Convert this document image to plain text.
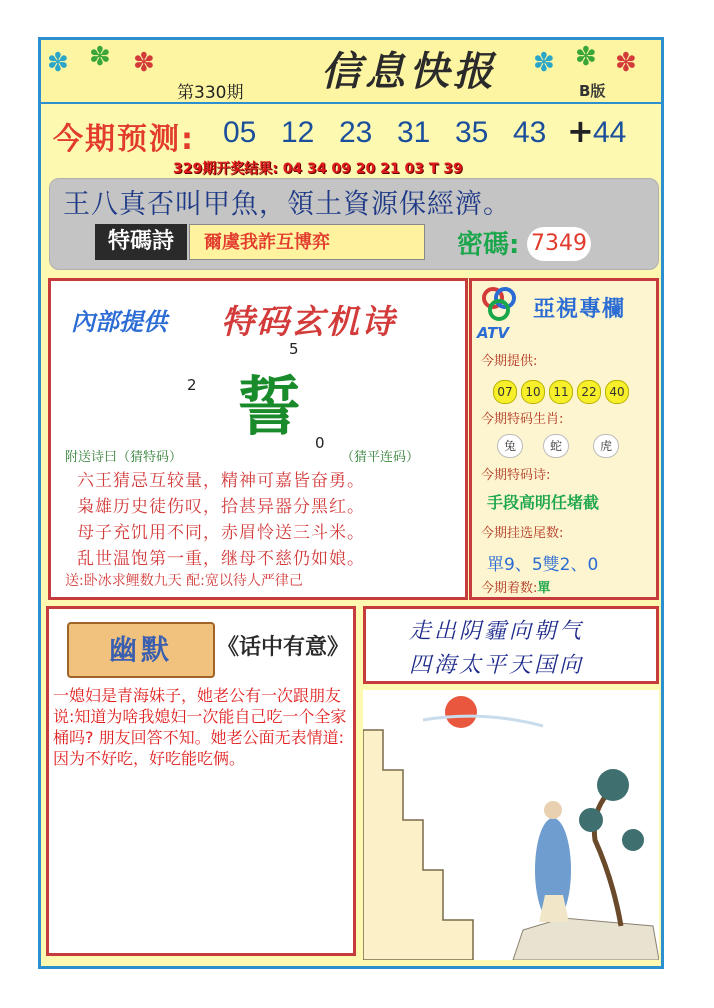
✽ ✽ ✽	✽ ✽ ✽
第330期	信息快报	B版
今期预测: 05 12 23 31 35 43 + 44
329期开奖结果: 04 34 09 20 21 03 T 39
王八真否叫甲魚，領土資源保經濟。
特碼詩	爾虞我詐互博弈	密碼: 7349
內部提供 特码玄机诗
5
2 誓 0
附送诗曰（猜特码）	（猜平连码）
六王猜忌互较量，精神可嘉皆奋勇。
枭雄历史徒伤叹，拾甚异器分黑红。
母子充饥用不同，赤眉怜送三斗米。
乱世温饱第一重，继母不慈仍如娘。
送:卧冰求鲤数九天 配:宽以待人严律己
ATV
亞視專欄
今期提供:
07	10	11	22	40
今期特码生肖:
兔	蛇	虎
今期特码诗:
手段高明任堵截
今期挂选尾数:
單9、5雙2、0
今期着数:單
幽默	《话中有意》
一媳妇是青海妹子，她老公有一次跟朋友说:知道为啥我媳妇一次能自己吃一个全家桶吗? 朋友回答不知。她老公面无表情道:因为不好吃，好吃能吃俩。
走出阴霾向朝气
四海太平天国向
